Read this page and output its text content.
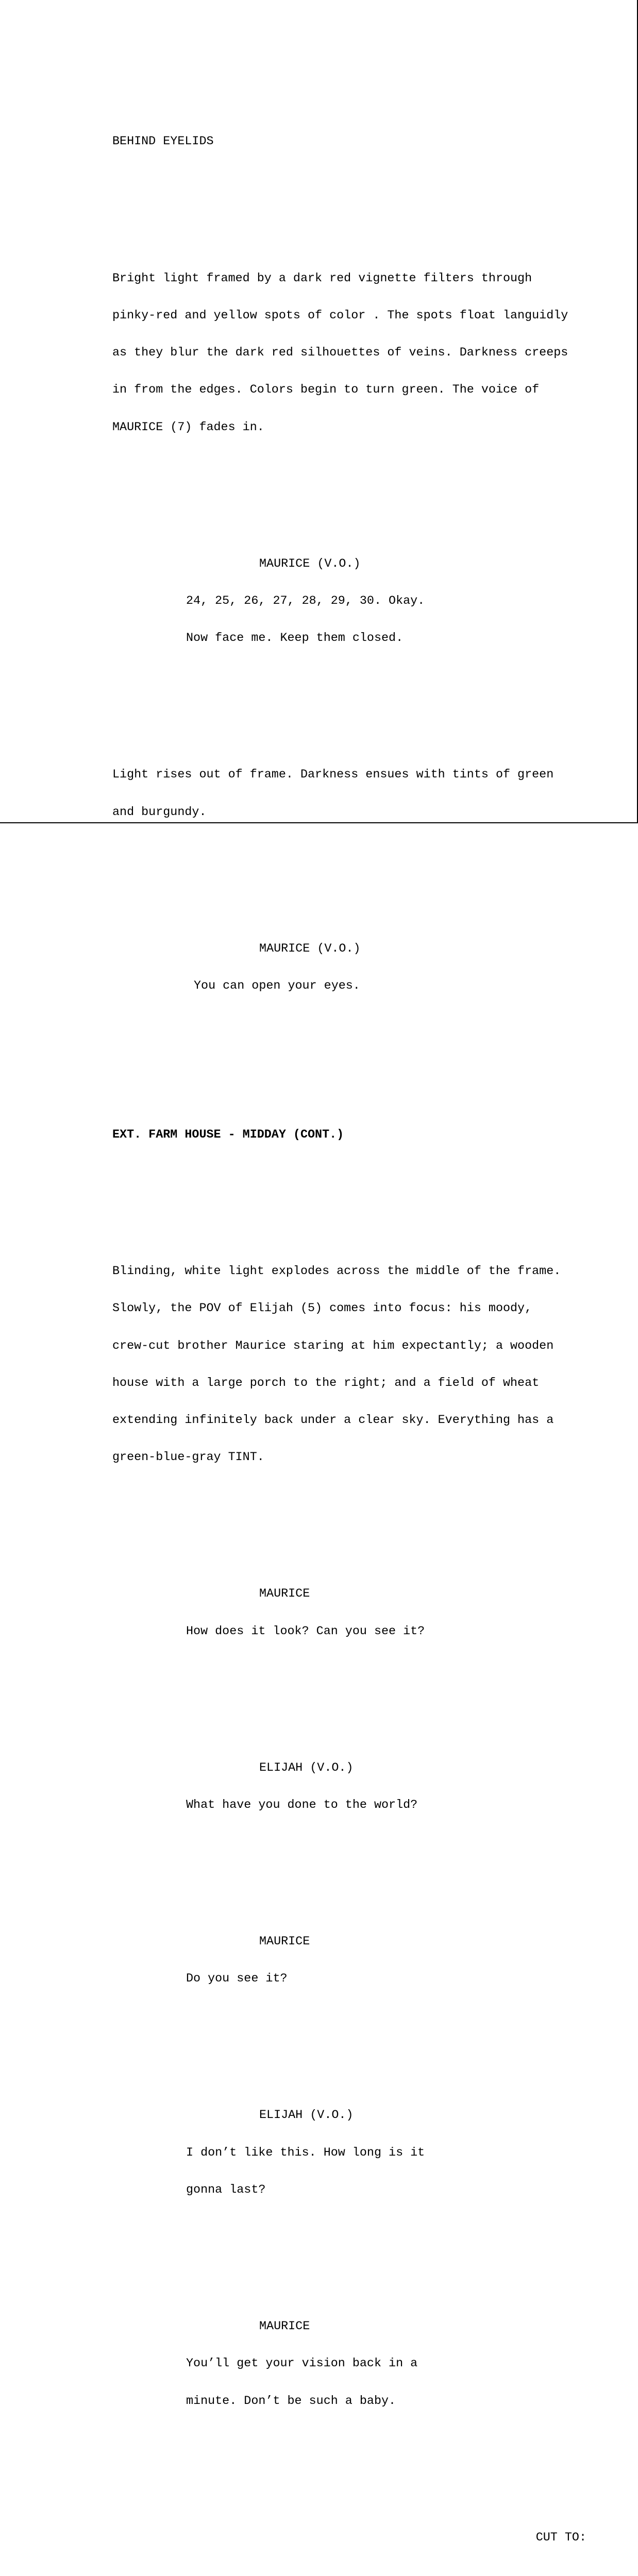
BEHIND EYELIDS

Bright light framed by a dark red vignette filters through

pinky-red and yellow spots of color . The spots float languidly

as they blur the dark red silhouettes of veins. Darkness creeps

in from the edges. Colors begin to turn green. The voice of

MAURICE (7) fades in.

MAURICE (V.O.)

24, 25, 26, 27, 28, 29, 30. Okay.

Now face me. Keep them closed.

Light rises out of frame. Darkness ensues with tints of green

and burgundy.

MAURICE (V.O.)

You can open your eyes.

EXT. FARM HOUSE - MIDDAY (CONT.)

Blinding, white light explodes across the middle of the frame.

Slowly, the POV of Elijah (5) comes into focus: his moody,

crew-cut brother Maurice staring at him expectantly; a wooden

house with a large porch to the right; and a field of wheat

extending infinitely back under a clear sky. Everything has a

green-blue-gray TINT.

MAURICE

How does it look? Can you see it?

ELIJAH (V.O.)

What have you done to the world?

MAURICE

Do you see it?

ELIJAH (V.O.)

I don’t like this. How long is it

gonna last?

MAURICE

You’ll get your vision back in a

minute. Don’t be such a baby.

CUT TO:
